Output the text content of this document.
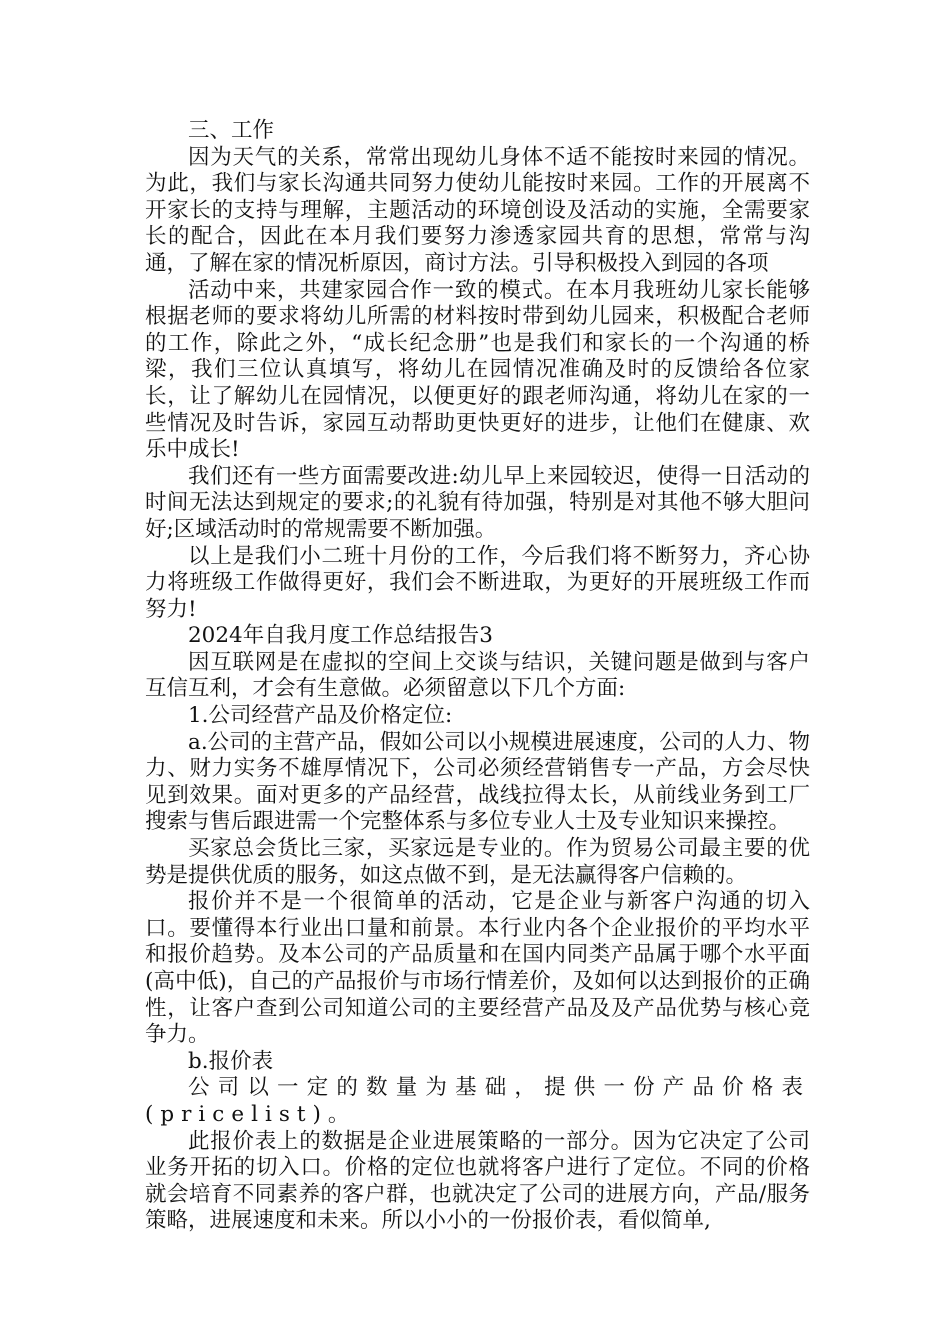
三、工作

因为天气的关系，常常出现幼儿身体不适不能按时来园的情况。为此，我们与家长沟通共同努力使幼儿能按时来园。工作的开展离不开家长的支持与理解，主题活动的环境创设及活动的实施，全需要家长的配合，因此在本月我们要努力渗透家园共育的思想，常常与沟通，了解在家的情况析原因，商讨方法。引导积极投入到园的各项

活动中来，共建家园合作一致的模式。在本月我班幼儿家长能够根据老师的要求将幼儿所需的材料按时带到幼儿园来，积极配合老师的工作，除此之外，“成长纪念册”也是我们和家长的一个沟通的桥梁，我们三位认真填写，将幼儿在园情况准确及时的反馈给各位家长，让了解幼儿在园情况，以便更好的跟老师沟通，将幼儿在家的一些情况及时告诉，家园互动帮助更快更好的进步，让他们在健康、欢乐中成长!

我们还有一些方面需要改进:幼儿早上来园较迟，使得一日活动的时间无法达到规定的要求;的礼貌有待加强，特别是对其他不够大胆问好;区域活动时的常规需要不断加强。

以上是我们小二班十月份的工作，今后我们将不断努力，齐心协力将班级工作做得更好，我们会不断进取，为更好的开展班级工作而努力!

2024年自我月度工作总结报告3

因互联网是在虚拟的空间上交谈与结识，关键问题是做到与客户互信互利，才会有生意做。必须留意以下几个方面:

1.公司经营产品及价格定位:

a.公司的主营产品，假如公司以小规模进展速度，公司的人力、物力、财力实务不雄厚情况下，公司必须经营销售专一产品，方会尽快见到效果。面对更多的产品经营，战线拉得太长，从前线业务到工厂搜索与售后跟进需一个完整体系与多位专业人士及专业知识来操控。

买家总会货比三家，买家远是专业的。作为贸易公司最主要的优势是提供优质的服务，如这点做不到，是无法赢得客户信赖的。

报价并不是一个很简单的活动，它是企业与新客户沟通的切入口。要懂得本行业出口量和前景。本行业内各个企业报价的平均水平和报价趋势。及本公司的产品质量和在国内同类产品属于哪个水平面(高中低)，自己的产品报价与市场行情差价，及如何以达到报价的正确性，让客户查到公司知道公司的主要经营产品及及产品优势与核心竞争力。

b.报价表

公司以一定的数量为基础，提供一份产品价格表(pricelist)。

此报价表上的数据是企业进展策略的一部分。因为它决定了公司业务开拓的切入口。价格的定位也就将客户进行了定位。不同的价格就会培育不同素养的客户群，也就决定了公司的进展方向，产品/服务策略，进展速度和未来。所以小小的一份报价表，看似简单,
